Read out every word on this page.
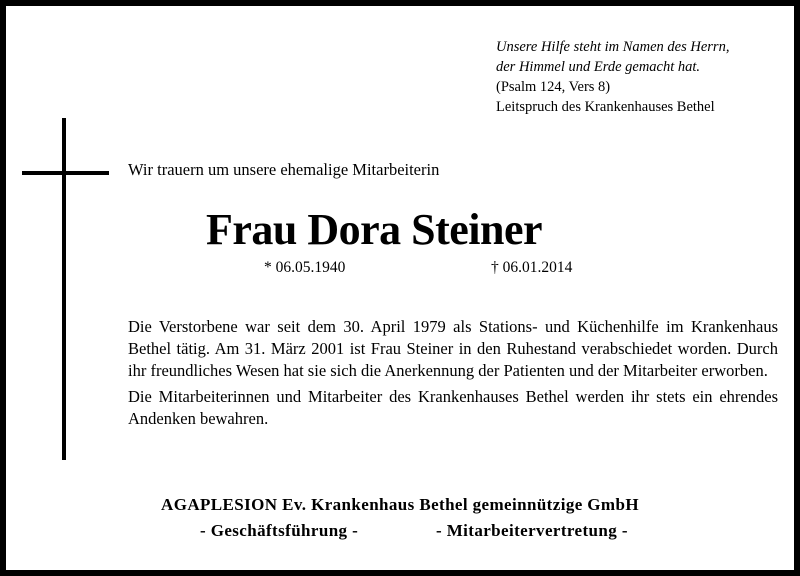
Unsere Hilfe steht im Namen des Herrn,
der Himmel und Erde gemacht hat.
(Psalm 124, Vers 8)
Leitspruch des Krankenhauses Bethel
Wir trauern um unsere ehemalige Mitarbeiterin
Frau Dora Steiner
* 06.05.1940	† 06.01.2014

Die Verstorbene war seit dem 30. April 1979 als Stations- und Küchenhilfe im Krankenhaus Bethel tätig. Am 31. März 2001 ist Frau Steiner in den Ruhestand verabschiedet worden. Durch ihr freundliches Wesen hat sie sich die Anerkennung der Patienten und der Mitarbeiter erworben.

Die Mitarbeiterinnen und Mitarbeiter des Krankenhauses Bethel werden ihr stets ein ehrendes Andenken bewahren.

AGAPLESION Ev. Krankenhaus Bethel gemeinnützige GmbH
- Geschäftsführung -	- Mitarbeitervertretung -
